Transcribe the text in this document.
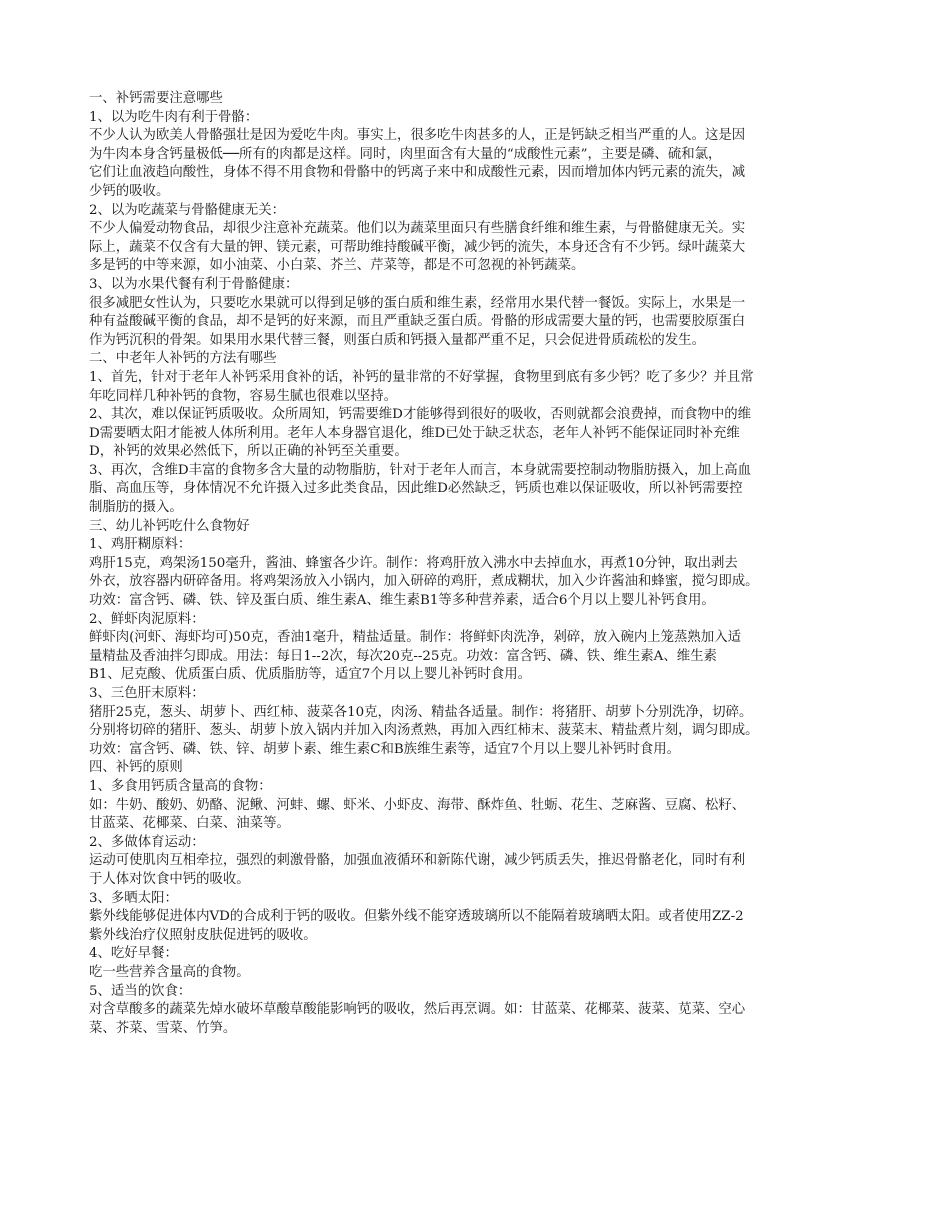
一、补钙需要注意哪些
1、以为吃牛肉有利于骨骼：
不少人认为欧美人骨骼强壮是因为爱吃牛肉。事实上，很多吃牛肉甚多的人，正是钙缺乏相当严重的人。这是因
为牛肉本身含钙量极低──所有的肉都是这样。同时，肉里面含有大量的“成酸性元素”，主要是磷、硫和氯，
它们让血液趋向酸性，身体不得不用食物和骨骼中的钙离子来中和成酸性元素，因而增加体内钙元素的流失，减
少钙的吸收。
2、以为吃蔬菜与骨骼健康无关：
不少人偏爱动物食品，却很少注意补充蔬菜。他们以为蔬菜里面只有些膳食纤维和维生素，与骨骼健康无关。实
际上，蔬菜不仅含有大量的钾、镁元素，可帮助维持酸碱平衡，减少钙的流失，本身还含有不少钙。绿叶蔬菜大
多是钙的中等来源，如小油菜、小白菜、芥兰、芹菜等，都是不可忽视的补钙蔬菜。
3、以为水果代餐有利于骨骼健康：
很多减肥女性认为，只要吃水果就可以得到足够的蛋白质和维生素，经常用水果代替一餐饭。实际上，水果是一
种有益酸碱平衡的食品，却不是钙的好来源，而且严重缺乏蛋白质。骨骼的形成需要大量的钙，也需要胶原蛋白
作为钙沉积的骨架。如果用水果代替三餐，则蛋白质和钙摄入量都严重不足，只会促进骨质疏松的发生。
二、中老年人补钙的方法有哪些
1、首先，针对于老年人补钙采用食补的话，补钙的量非常的不好掌握，食物里到底有多少钙？吃了多少？并且常
年吃同样几种补钙的食物，容易生腻也很难以坚持。
2、其次，难以保证钙质吸收。众所周知，钙需要维D才能够得到很好的吸收，否则就都会浪费掉，而食物中的维
D需要晒太阳才能被人体所利用。老年人本身器官退化，维D已处于缺乏状态，老年人补钙不能保证同时补充维
D，补钙的效果必然低下，所以正确的补钙至关重要。
3、再次，含维D丰富的食物多含大量的动物脂肪，针对于老年人而言，本身就需要控制动物脂肪摄入，加上高血
脂、高血压等，身体情况不允许摄入过多此类食品，因此维D必然缺乏，钙质也难以保证吸收，所以补钙需要控
制脂肪的摄入。
三、幼儿补钙吃什么食物好
1、鸡肝糊原料：
鸡肝15克，鸡架汤150毫升，酱油、蜂蜜各少许。制作：将鸡肝放入沸水中去掉血水，再煮10分钟，取出剥去
外衣，放容器内研碎备用。将鸡架汤放入小锅内，加入研碎的鸡肝，煮成糊状，加入少许酱油和蜂蜜，搅匀即成。
功效：富含钙、磷、铁、锌及蛋白质、维生素A、维生素B1等多种营养素，适合6个月以上婴儿补钙食用。
2、鲜虾肉泥原料：
鲜虾肉(河虾、海虾均可)50克，香油1毫升，精盐适量。制作：将鲜虾肉洗净，剁碎，放入碗内上笼蒸熟加入适
量精盐及香油拌匀即成。用法：每日1--2次，每次20克--25克。功效：富含钙、磷、铁、维生素A、维生素
B1、尼克酸、优质蛋白质、优质脂肪等，适宜7个月以上婴儿补钙时食用。
3、三色肝末原料：
猪肝25克，葱头、胡萝卜、西红柿、菠菜各10克，肉汤、精盐各适量。制作：将猪肝、胡萝卜分别洗净，切碎。
分别将切碎的猪肝、葱头、胡萝卜放入锅内并加入肉汤煮熟，再加入西红柿末、菠菜末、精盐煮片刻，调匀即成。
功效：富含钙、磷、铁、锌、胡萝卜素、维生素C和B族维生素等，适宜7个月以上婴儿补钙时食用。
四、补钙的原则
1、多食用钙质含量高的食物：
如：牛奶、酸奶、奶酪、泥鳅、河蚌、螺、虾米、小虾皮、海带、酥炸鱼、牡蛎、花生、芝麻酱、豆腐、松籽、
甘蓝菜、花椰菜、白菜、油菜等。
2、多做体育运动：
运动可使肌肉互相牵拉，强烈的刺激骨骼，加强血液循环和新陈代谢，减少钙质丢失，推迟骨骼老化，同时有利
于人体对饮食中钙的吸收。
3、多晒太阳：
紫外线能够促进体内VD的合成利于钙的吸收。但紫外线不能穿透玻璃所以不能隔着玻璃晒太阳。或者使用ZZ-2
紫外线治疗仪照射皮肤促进钙的吸收。
4、吃好早餐：
吃一些营养含量高的食物。
5、适当的饮食：
对含草酸多的蔬菜先焯水破坏草酸草酸能影响钙的吸收，然后再烹调。如：甘蓝菜、花椰菜、菠菜、苋菜、空心
菜、芥菜、雪菜、竹笋。
